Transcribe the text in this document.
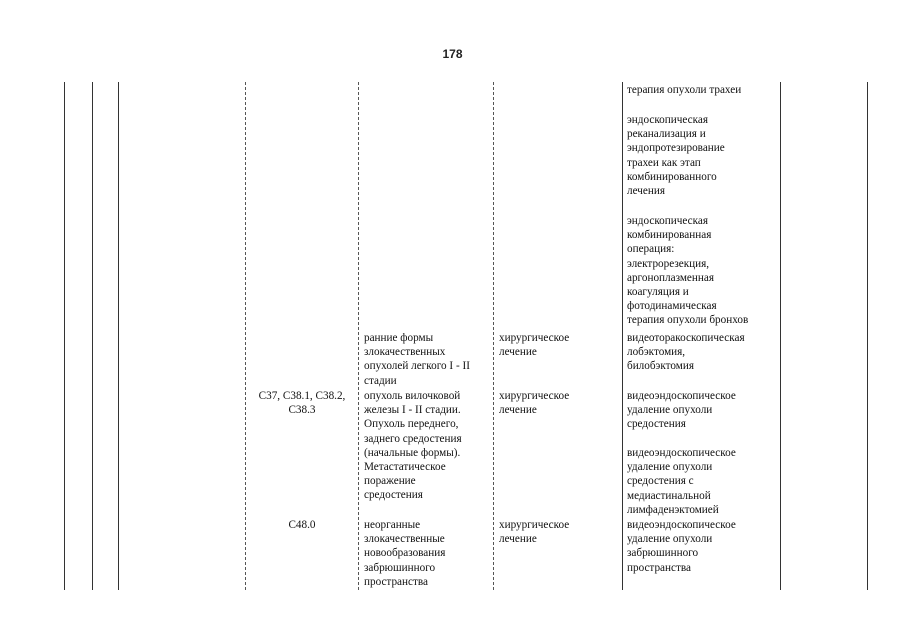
178
терапия опухоли трахеи
эндоскопическая
реканализация и
эндопротезирование
трахеи как этап
комбинированного
лечения
эндоскопическая
комбинированная
операция:
электрорезекция,
аргоноплазменная
коагуляция и
фотодинамическая
терапия опухоли бронхов
ранние формы
злокачественных
опухолей легкого I - II
стадии
хирургическое
лечение
видеоторакоскопическая
лобэктомия,
билобэктомия
C37, C38.1, C38.2,
C38.3
опухоль вилочковой
железы I - II стадии.
Опухоль переднего,
заднего средостения
(начальные формы).
Метастатическое
поражение
средостения
хирургическое
лечение
видеоэндоскопическое
удаление опухоли
средостения
видеоэндоскопическое
удаление опухоли
средостения с
медиастинальной
лимфаденэктомией
C48.0	неорганные
злокачественные
новообразования
забрюшинного
пространства
хирургическое
лечение
видеоэндоскопическое
удаление опухоли
забрюшинного
пространства
